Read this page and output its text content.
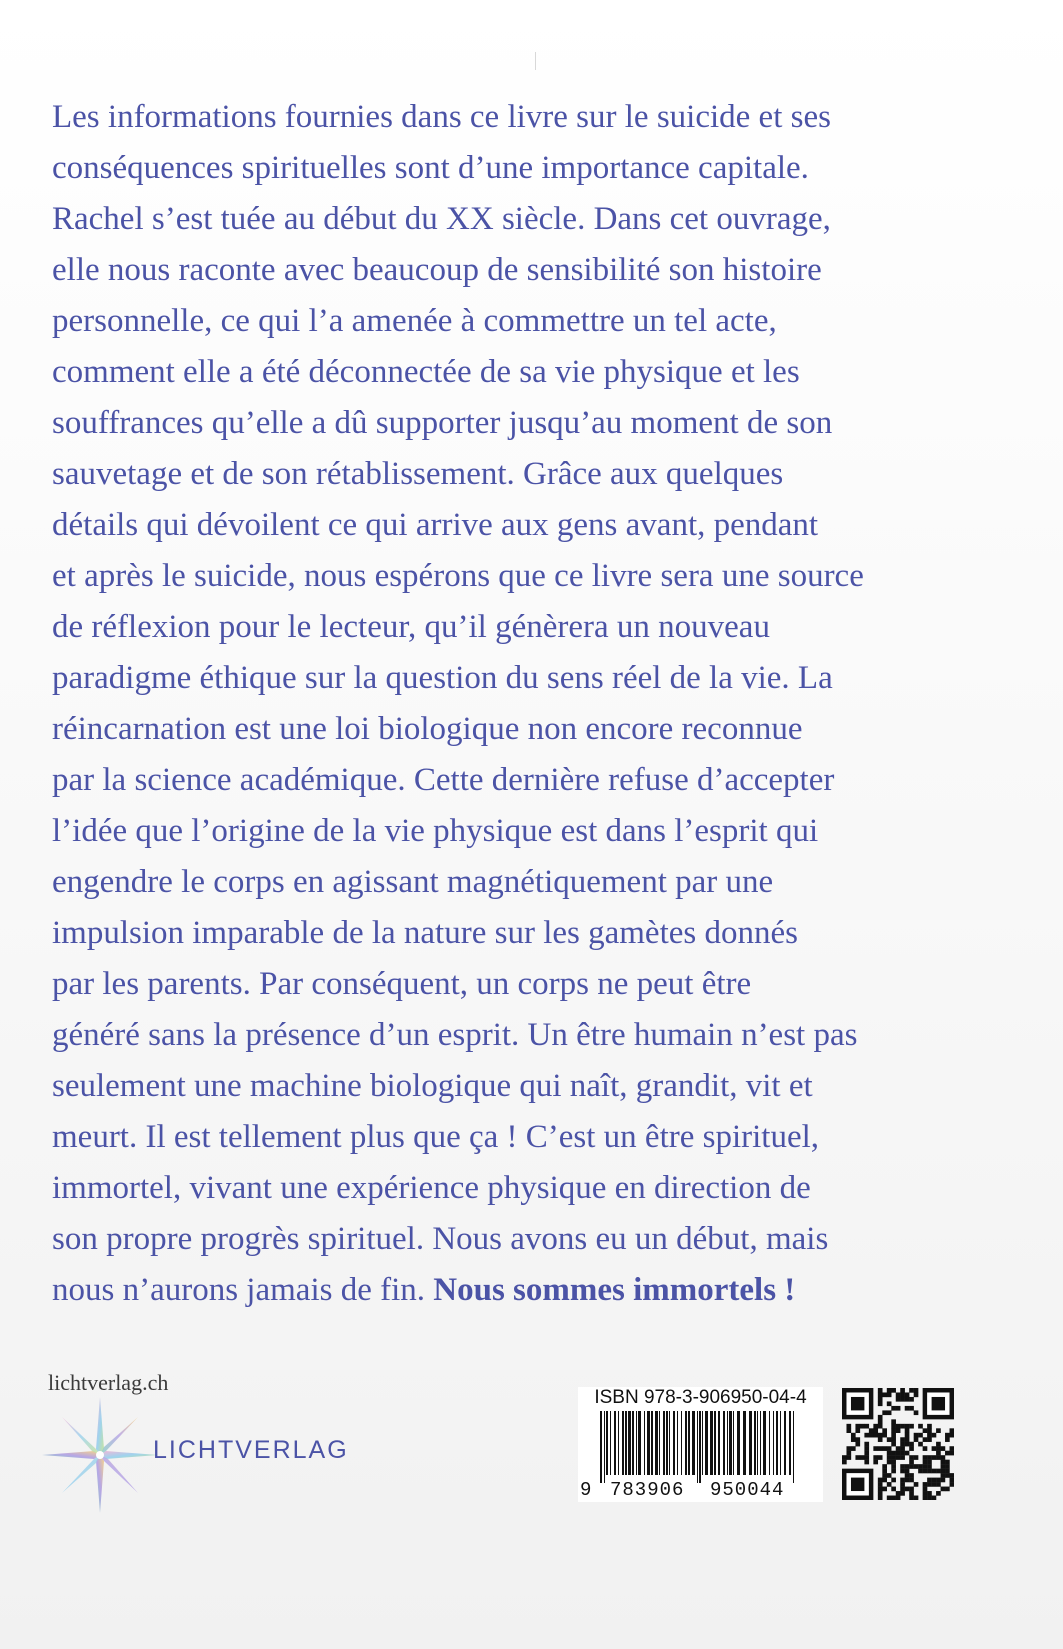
Les informations fournies dans ce livre sur le suicide et ses
conséquences spirituelles sont d’une importance capitale.
Rachel s’est tuée au début du XX siècle. Dans cet ouvrage,
elle nous raconte avec beaucoup de sensibilité son histoire
personnelle, ce qui l’a amenée à commettre un tel acte,
comment elle a été déconnectée de sa vie physique et les
souffrances qu’elle a dû supporter jusqu’au moment de son
sauvetage et de son rétablissement. Grâce aux quelques
détails qui dévoilent ce qui arrive aux gens avant, pendant
et après le suicide, nous espérons que ce livre sera une source
de réflexion pour le lecteur, qu’il génèrera un nouveau
paradigme éthique sur la question du sens réel de la vie. La
réincarnation est une loi biologique non encore reconnue
par la science académique. Cette dernière refuse d’accepter
l’idée que l’origine de la vie physique est dans l’esprit qui
engendre le corps en agissant magnétiquement par une
impulsion imparable de la nature sur les gamètes donnés
par les parents. Par conséquent, un corps ne peut être
généré sans la présence d’un esprit. Un être humain n’est pas
seulement une machine biologique qui naît, grandit, vit et
meurt. Il est tellement plus que ça ! C’est un être spirituel,
immortel, vivant une expérience physique en direction de
son propre progrès spirituel. Nous avons eu un début, mais
nous n’aurons jamais de fin. Nous sommes immortels !
lichtverlag.ch
LICHTVERLAG
ISBN 978-3-906950-04-4
9 783906 950044
